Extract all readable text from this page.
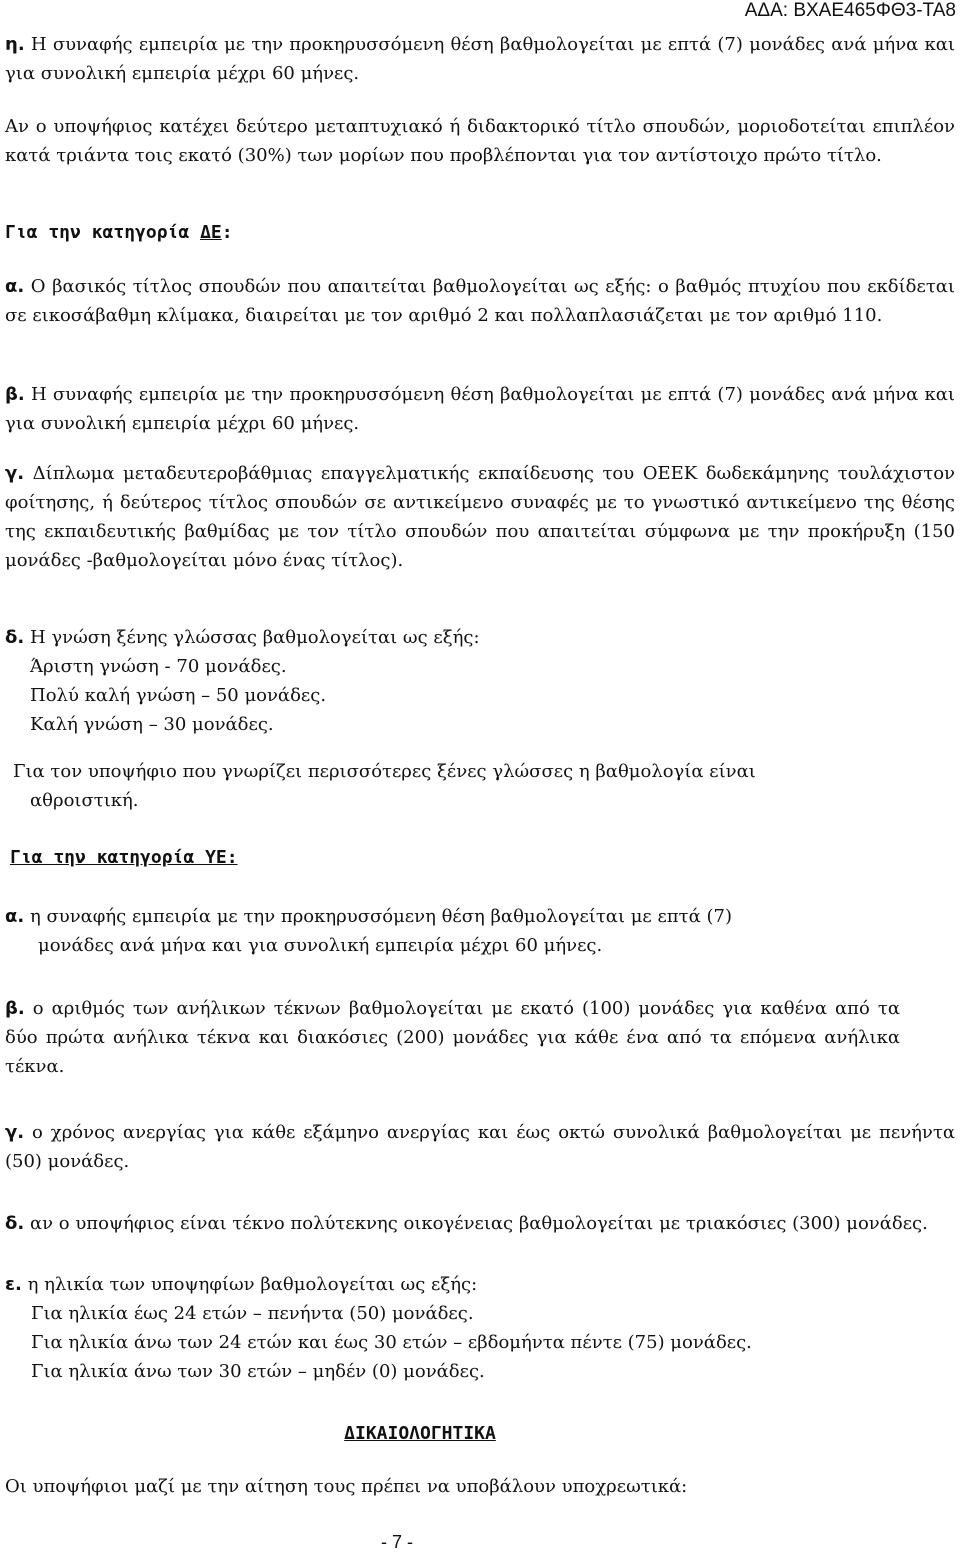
ΑΔΑ: ΒΧΑΕ465ΦΘ3-ΤΑ8

η. Η συναφής εμπειρία με την προκηρυσσόμενη θέση βαθμολογείται με επτά (7) μονάδες ανά μήνα και για συνολική εμπειρία μέχρι 60 μήνες.

Αν ο υποψήφιος κατέχει δεύτερο μεταπτυχιακό ή διδακτορικό τίτλο σπουδών, μοριοδοτείται επιπλέον κατά τριάντα τοις εκατό (30%) των μορίων που προβλέπονται για τον αντίστοιχο πρώτο τίτλο.

Για την κατηγορία ΔΕ:

α. Ο βασικός τίτλος σπουδών που απαιτείται βαθμολογείται ως εξής: ο βαθμός πτυχίου που εκδίδεται σε εικοσάβαθμη κλίμακα, διαιρείται με τον αριθμό 2 και πολλαπλασιάζεται με τον αριθμό 110.

β. Η συναφής εμπειρία με την προκηρυσσόμενη θέση βαθμολογείται με επτά (7) μονάδες ανά μήνα και για συνολική εμπειρία μέχρι 60 μήνες.

γ. Δίπλωμα μεταδευτεροβάθμιας επαγγελματικής εκπαίδευσης του ΟΕΕΚ δωδεκάμηνης τουλάχιστον φοίτησης, ή δεύτερος τίτλος σπουδών σε αντικείμενο συναφές με το γνωστικό αντικείμενο της θέσης της εκπαιδευτικής βαθμίδας με τον τίτλο σπουδών που απαιτείται σύμφωνα με την προκήρυξη (150 μονάδες -βαθμολογείται μόνο ένας τίτλος).

δ. Η γνώση ξένης γλώσσας βαθμολογείται ως εξής:
Άριστη γνώση - 70 μονάδες.
Πολύ καλή γνώση – 50 μονάδες.
Καλή γνώση – 30 μονάδες.
Για τον υποψήφιο που γνωρίζει περισσότερες ξένες γλώσσες η βαθμολογία είναι
αθροιστική.
Για την κατηγορία ΥΕ:
α. η συναφής εμπειρία με την προκηρυσσόμενη θέση βαθμολογείται με επτά (7)
μονάδες ανά μήνα και για συνολική εμπειρία μέχρι 60 μήνες.

β. ο αριθμός των ανήλικων τέκνων βαθμολογείται με εκατό (100) μονάδες για καθένα από τα δύο πρώτα ανήλικα τέκνα και διακόσιες (200) μονάδες για κάθε ένα από τα επόμενα ανήλικα τέκνα.

γ. ο χρόνος ανεργίας για κάθε εξάμηνο ανεργίας και έως οκτώ συνολικά βαθμολογείται με πενήντα (50) μονάδες.

δ. αν ο υποψήφιος είναι τέκνο πολύτεκνης οικογένειας βαθμολογείται με τριακόσιες (300) μονάδες.

ε. η ηλικία των υποψηφίων βαθμολογείται ως εξής:
Για ηλικία έως 24 ετών – πενήντα (50) μονάδες.
Για ηλικία άνω των 24 ετών και έως 30 ετών – εβδομήντα πέντε (75) μονάδες.
Για ηλικία άνω των 30 ετών – μηδέν (0) μονάδες.
ΔΙΚΑΙΟΛΟΓΗΤΙΚΑ
Οι υποψήφιοι μαζί με την αίτηση τους πρέπει να υποβάλουν υποχρεωτικά:
- 7 -
